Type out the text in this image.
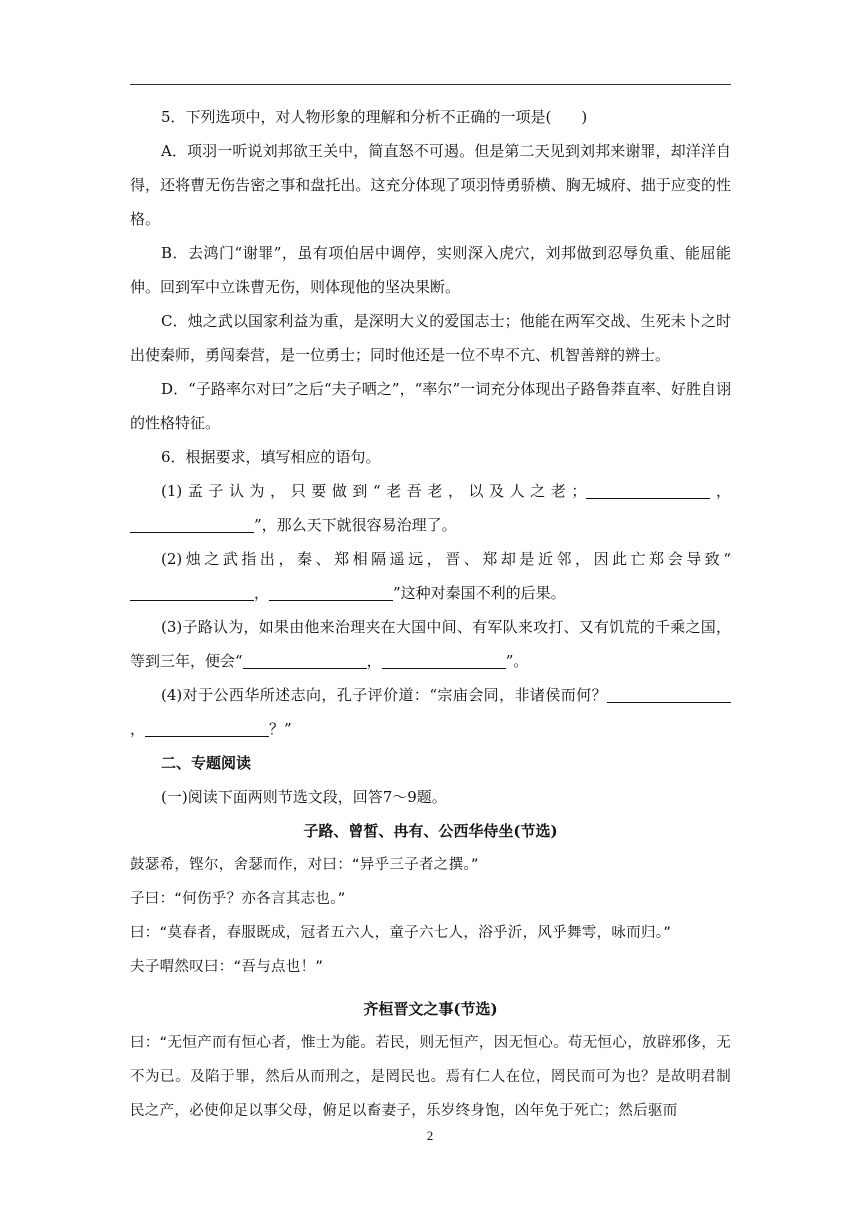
5．下列选项中，对人物形象的理解和分析不正确的一项是(　　)

A．项羽一听说刘邦欲王关中，简直怒不可遏。但是第二天见到刘邦来谢罪，却洋洋自得，还将曹无伤告密之事和盘托出。这充分体现了项羽恃勇骄横、胸无城府、拙于应变的性格。

B．去鸿门“谢罪”，虽有项伯居中调停，实则深入虎穴，刘邦做到忍辱负重、能屈能伸。回到军中立诛曹无伤，则体现他的坚决果断。

C．烛之武以国家利益为重，是深明大义的爱国志士；他能在两军交战、生死未卜之时出使秦师，勇闯秦营，是一位勇士；同时他还是一位不卑不亢、机智善辩的辨士。

D．“子路率尔对曰”之后“夫子哂之”，“率尔”一词充分体现出子路鲁莽直率、好胜自诩的性格特征。

6．根据要求，填写相应的语句。

(1)孟子认为，只要做到“老吾老，以及人之老；	，”，那么天下就很容易治理了。

(2)烛之武指出，秦、郑相隔遥远，晋、郑却是近邻，因此亡郑会导致“，	”这种对秦国不利的后果。

(3)子路认为，如果由他来治理夹在大国中间、有军队来攻打、又有饥荒的千乘之国，等到三年，便会“	，	”。

(4)对于公西华所述志向，孔子评价道：“宗庙会同，非诸侯而何？，	？”

二、专题阅读

(一)阅读下面两则节选文段，回答7～9题。

子路、曾皙、冉有、公西华侍坐(节选)

鼓瑟希，铿尔，舍瑟而作，对曰：“异乎三子者之撰。”

子曰：“何伤乎？亦各言其志也。”

曰：“莫春者，春服既成，冠者五六人，童子六七人，浴乎沂，风乎舞雩，咏而归。”

夫子喟然叹曰：“吾与点也！”

齐桓晋文之事(节选)

曰：“无恒产而有恒心者，惟士为能。若民，则无恒产，因无恒心。苟无恒心，放辟邪侈，无不为已。及陷于罪，然后从而刑之，是罔民也。焉有仁人在位，罔民而可为也？是故明君制民之产，必使仰足以事父母，俯足以畜妻子，乐岁终身饱，凶年免于死亡；然后驱而

2
